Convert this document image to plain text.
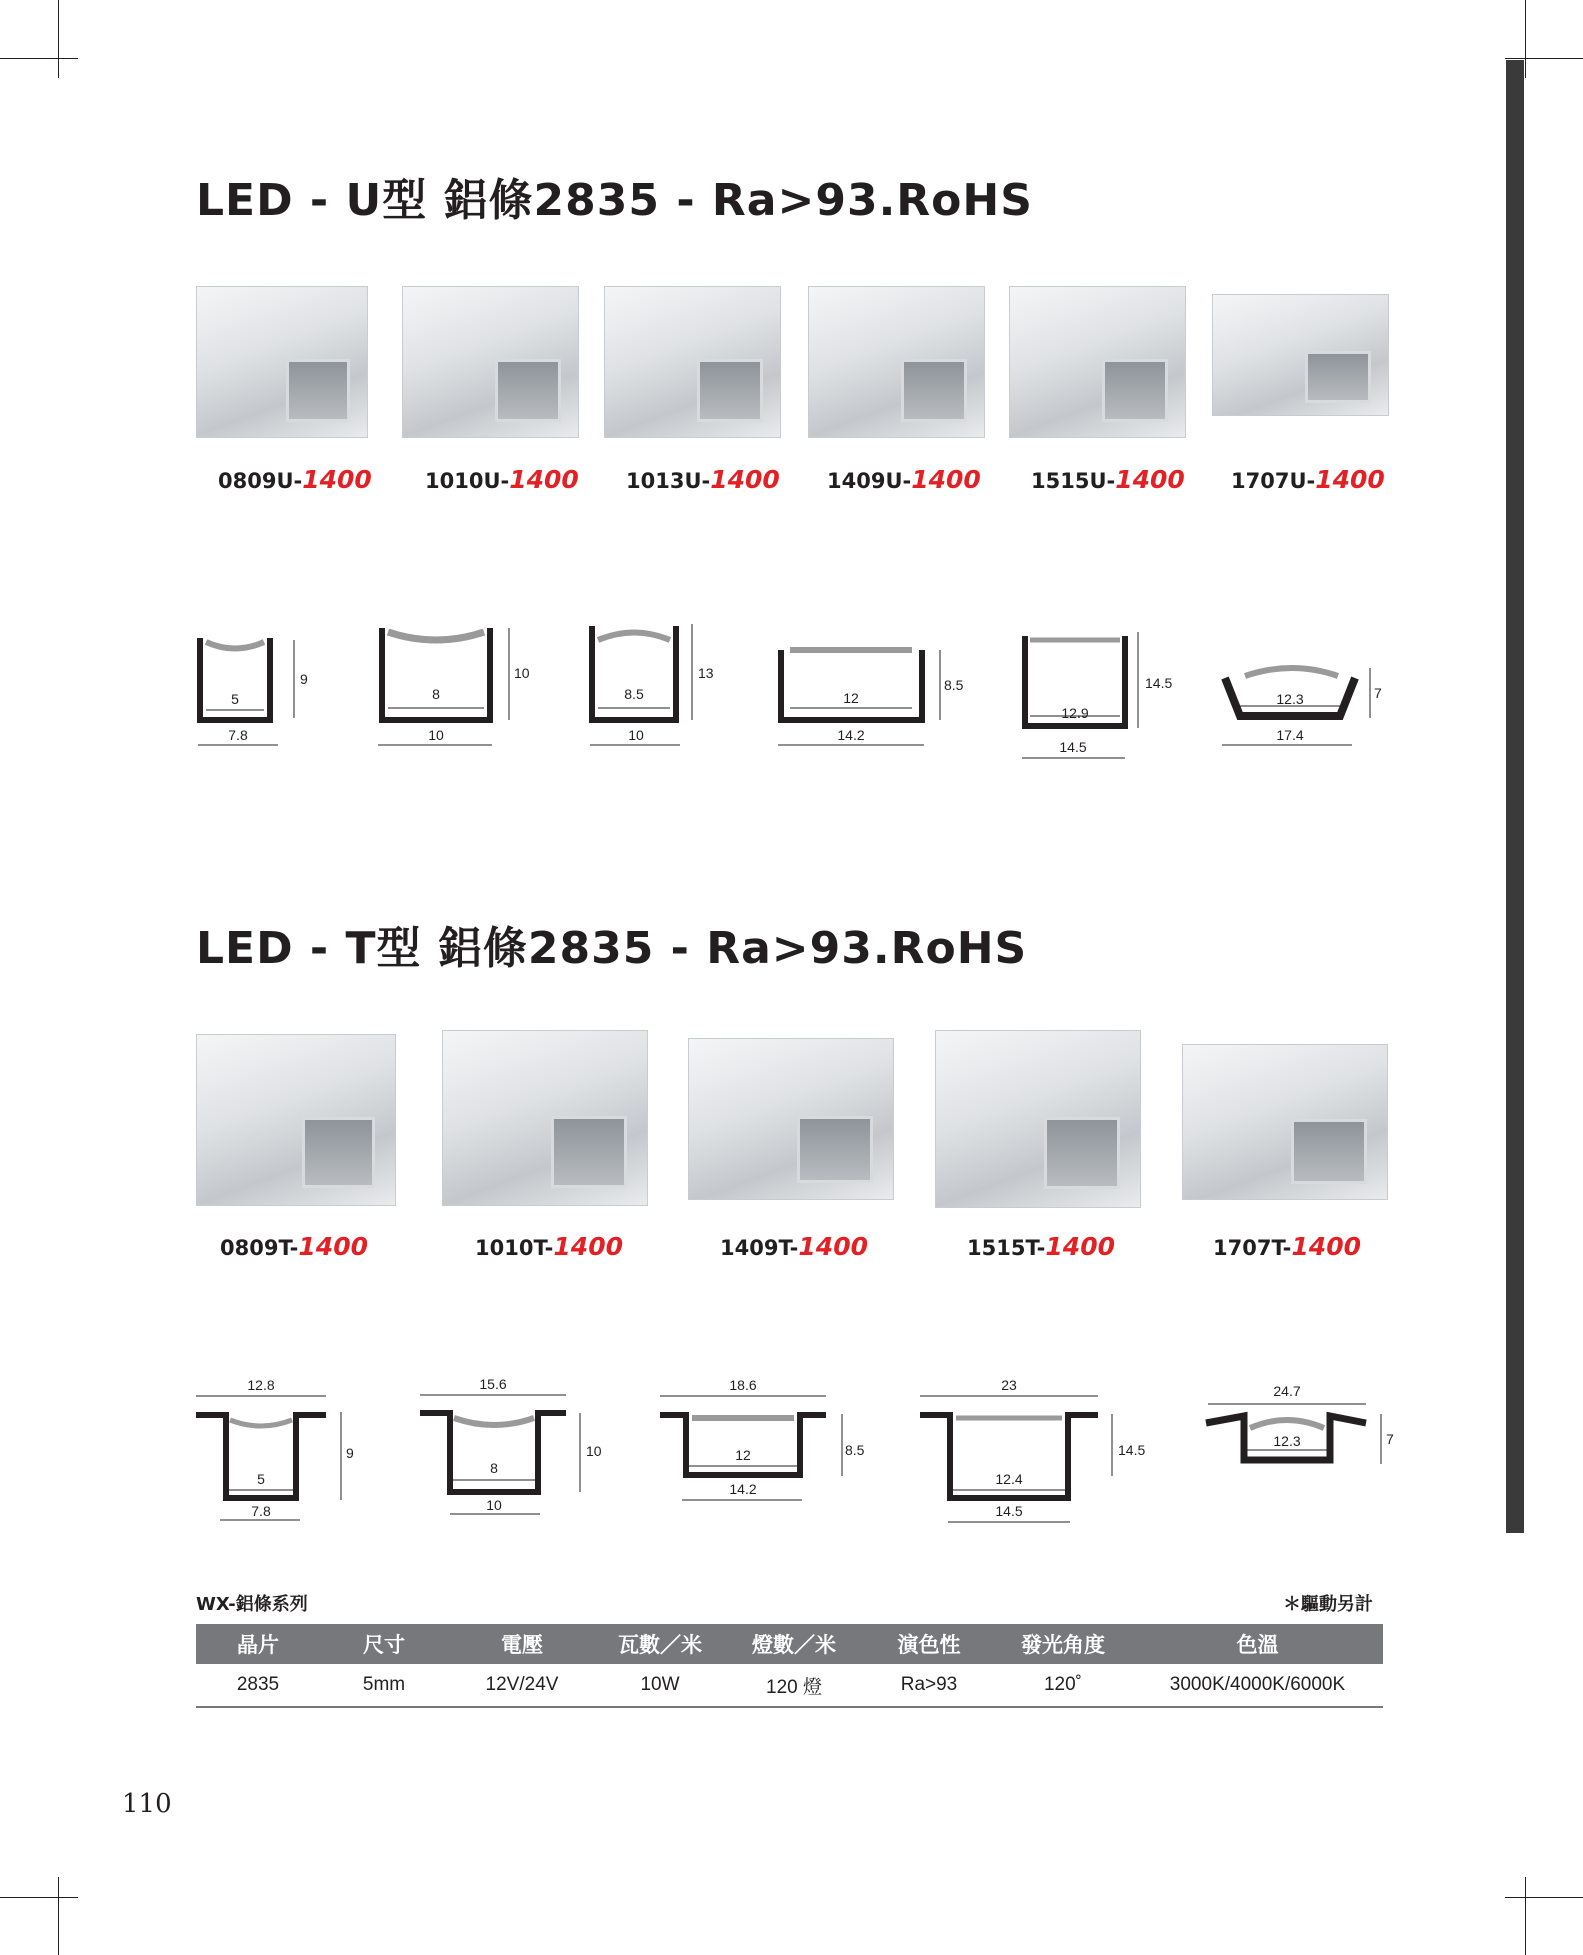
LED - U型 鋁條2835 - Ra>93.RoHS
0809U-1400	1010U-1400 1013U-1400 1409U-1400 1515U-1400 1707U-1400
5
7.8
9
8
10
10
8.5
10
13
12
14.2
8.5
12.9
14.5
14.5
12.3
17.4
7
LED - T型 鋁條2835 - Ra>93.RoHS
0809T-1400	1010T-1400	1409T-1400	1515T-1400	1707T-1400
12.8
5
7.8
9
15.6
8
10
10
18.6
12
14.2
8.5
23
12.4
14.5
14.5
24.7
12.3	7
WX-鋁條系列	＊驅動另計
晶片	尺寸	電壓	瓦數／米	燈數／米	演色性	發光角度	色溫
2835	5mm	12V/24V	10W	120 燈	Ra>93	120˚	3000K/4000K/6000K
110
